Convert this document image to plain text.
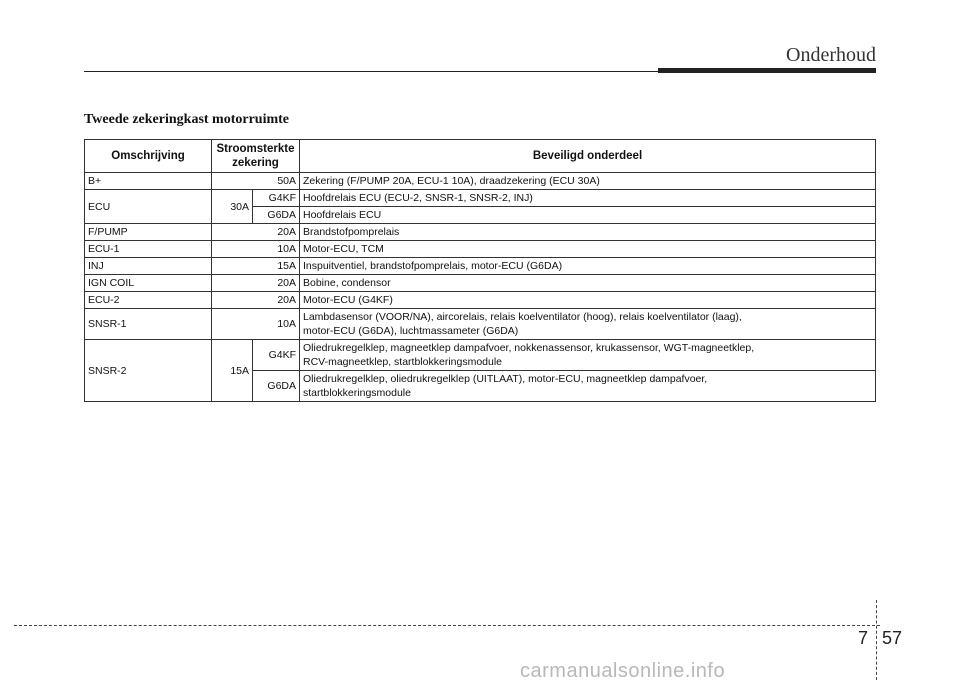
Onderhoud
Tweede zekeringkast motorruimte
Omschrijving	Stroomsterkte zekering		Beveiligd onderdeel
B+	50A		Zekering (F/PUMP 20A, ECU-1 10A), draadzekering (ECU 30A)
ECU	30A	G4KF	Hoofdrelais ECU (ECU-2, SNSR-1, SNSR-2, INJ)
		G6DA	Hoofdrelais ECU
F/PUMP	20A		Brandstofpomprelais
ECU-1	10A		Motor-ECU, TCM
INJ	15A		Inspuitventiel, brandstofpomprelais, motor-ECU (G6DA)
IGN COIL	20A		Bobine, condensor
ECU-2	20A		Motor-ECU (G4KF)
SNSR-1	10A		Lambdasensor (VOOR/NA), aircorelais, relais koelventilator (hoog), relais koelventilator (laag),
motor-ECU (G6DA), luchtmassameter (G6DA)

SNSR-2	15A	G4KF	Oliedrukregelklep, magneetklep dampafvoer, nokkenassensor, krukassensor, WGT-magneetklep,
RCV-magneetklep, startblokkeringsmodule

		G6DA	Oliedrukregelklep, oliedrukregelklep (UITLAAT), motor-ECU, magneetklep dampafvoer,
startblokkeringsmodule
7 57
carmanualsonline.info
